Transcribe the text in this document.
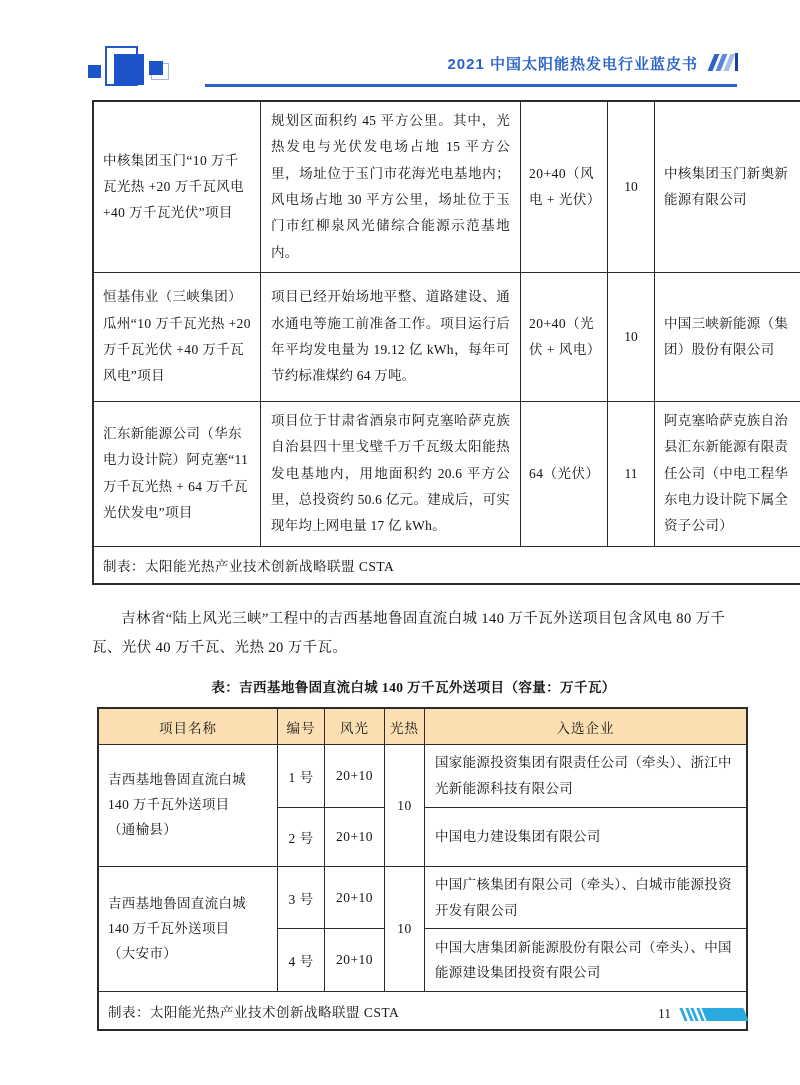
2021 中国太阳能热发电行业蓝皮书
中核集团玉门“10 万千瓦光热 +20 万千瓦风电 +40 万千瓦光伏”项目	规划区面积约 45 平方公里。其中，光热发电与光伏发电场占地 15 平方公里，场址位于玉门市花海光电基地内；风电场占地 30 平方公里，场址位于玉门市红柳泉风光储综合能源示范基地内。	20+40（风电 + 光伏）	10	中核集团玉门新奥新能源有限公司
恒基伟业（三峡集团）瓜州“10 万千瓦光热 +20 万千瓦光伏 +40 万千瓦风电”项目	项目已经开始场地平整、道路建设、通水通电等施工前准备工作。项目运行后年平均发电量为 19.12 亿 kWh，每年可节约标准煤约 64 万吨。	20+40（光伏 + 风电）	10	中国三峡新能源（集团）股份有限公司
汇东新能源公司（华东电力设计院）阿克塞“11 万千瓦光热 + 64 万千瓦光伏发电”项目	项目位于甘肃省酒泉市阿克塞哈萨克族自治县四十里戈壁千万千瓦级太阳能热发电基地内，用地面积约 20.6 平方公里，总投资约 50.6 亿元。建成后，可实现年均上网电量 17 亿 kWh。	64（光伏）	11	阿克塞哈萨克族自治县汇东新能源有限责任公司（中电工程华东电力设计院下属全资子公司）
制表：太阳能光热产业技术创新战略联盟 CSTA				

吉林省“陆上风光三峡”工程中的吉西基地鲁固直流白城 140 万千瓦外送项目包含风电 80 万千瓦、光伏 40 万千瓦、光热 20 万千瓦。

表：吉西基地鲁固直流白城 140 万千瓦外送项目（容量：万千瓦）
项目名称	编号	风光	光热	入选企业
吉西基地鲁固直流白城 140 万千瓦外送项目
（通榆县）	1 号	20+10	10	国家能源投资集团有限责任公司（牵头）、浙江中光新能源科技有限公司
	2 号	20+10		中国电力建设集团有限公司
吉西基地鲁固直流白城 140 万千瓦外送项目
（大安市）	3 号	20+10	10	中国广核集团有限公司（牵头）、白城市能源投资开发有限公司
	4 号	20+10		中国大唐集团新能源股份有限公司（牵头）、中国能源建设集团投资有限公司
制表：太阳能光热产业技术创新战略联盟 CSTA					11
